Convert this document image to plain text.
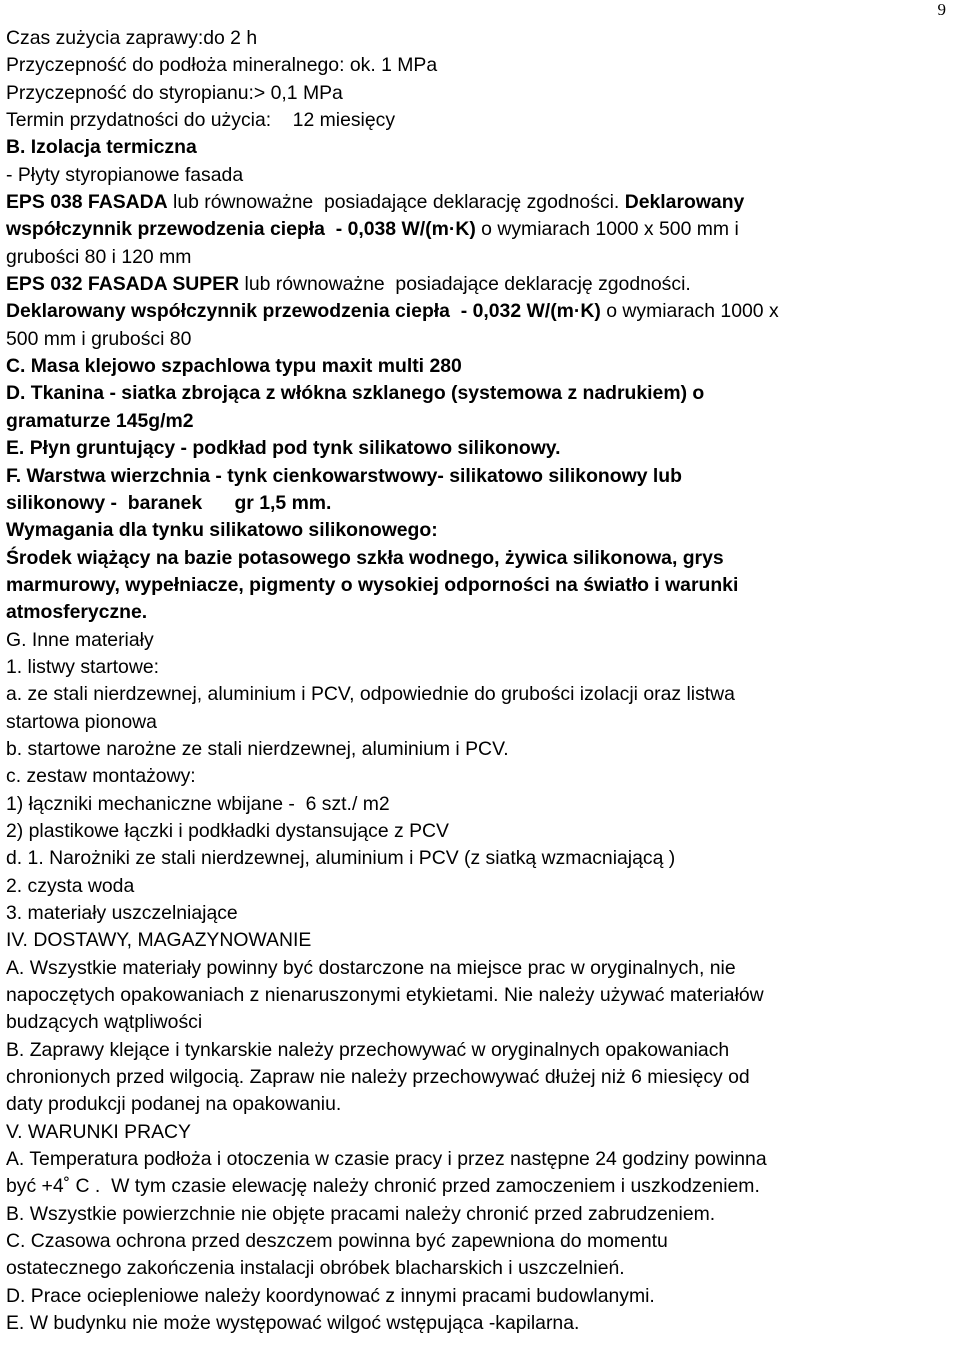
9
Czas zużycia zaprawy:do 2 h
Przyczepność do podłoża mineralnego: ok. 1 MPa
Przyczepność do styropianu:> 0,1 MPa
Termin przydatności do użycia:    12 miesięcy
B. Izolacja termiczna
- Płyty styropianowe fasada
EPS 038 FASADA lub równoważne  posiadające deklarację zgodności. Deklarowany
współczynnik przewodzenia ciepła  - 0,038 W/(m·K) o wymiarach 1000 x 500 mm i
grubości 80 i 120 mm
EPS 032 FASADA SUPER lub równoważne  posiadające deklarację zgodności.
Deklarowany współczynnik przewodzenia ciepła  - 0,032 W/(m·K) o wymiarach 1000 x
500 mm i grubości 80
C. Masa klejowo szpachlowa typu maxit multi 280
D. Tkanina - siatka zbrojąca z włókna szklanego (systemowa z nadrukiem) o
gramaturze 145g/m2
E. Płyn gruntujący - podkład pod tynk silikatowo silikonowy.
F. Warstwa wierzchnia - tynk cienkowarstwowy- silikatowo silikonowy lub
silikonowy -  baranek      gr 1,5 mm.
Wymagania dla tynku silikatowo silikonowego:
Środek wiążący na bazie potasowego szkła wodnego, żywica silikonowa, grys
marmurowy, wypełniacze, pigmenty o wysokiej odporności na światło i warunki
atmosferyczne.
G. Inne materiały
1. listwy startowe:
a. ze stali nierdzewnej, aluminium i PCV, odpowiednie do grubości izolacji oraz listwa
startowa pionowa
b. startowe narożne ze stali nierdzewnej, aluminium i PCV.
c. zestaw montażowy:
1) łączniki mechaniczne wbijane -  6 szt./ m2
2) plastikowe łączki i podkładki dystansujące z PCV
d. 1. Narożniki ze stali nierdzewnej, aluminium i PCV (z siatką wzmacniającą )
2. czysta woda
3. materiały uszczelniające
IV. DOSTAWY, MAGAZYNOWANIE
A. Wszystkie materiały powinny być dostarczone na miejsce prac w oryginalnych, nie
napoczętych opakowaniach z nienaruszonymi etykietami. Nie należy używać materiałów
budzących wątpliwości
B. Zaprawy klejące i tynkarskie należy przechowywać w oryginalnych opakowaniach
chronionych przed wilgocią. Zapraw nie należy przechowywać dłużej niż 6 miesięcy od
daty produkcji podanej na opakowaniu.
V. WARUNKI PRACY
A. Temperatura podłoża i otoczenia w czasie pracy i przez następne 24 godziny powinna
być +4˚ C .  W tym czasie elewację należy chronić przed zamoczeniem i uszkodzeniem.
B. Wszystkie powierzchnie nie objęte pracami należy chronić przed zabrudzeniem.
C. Czasowa ochrona przed deszczem powinna być zapewniona do momentu
ostatecznego zakończenia instalacji obróbek blacharskich i uszczelnień.
D. Prace ociepleniowe należy koordynować z innymi pracami budowlanymi.
E. W budynku nie może występować wilgoć wstępująca -kapilarna.
